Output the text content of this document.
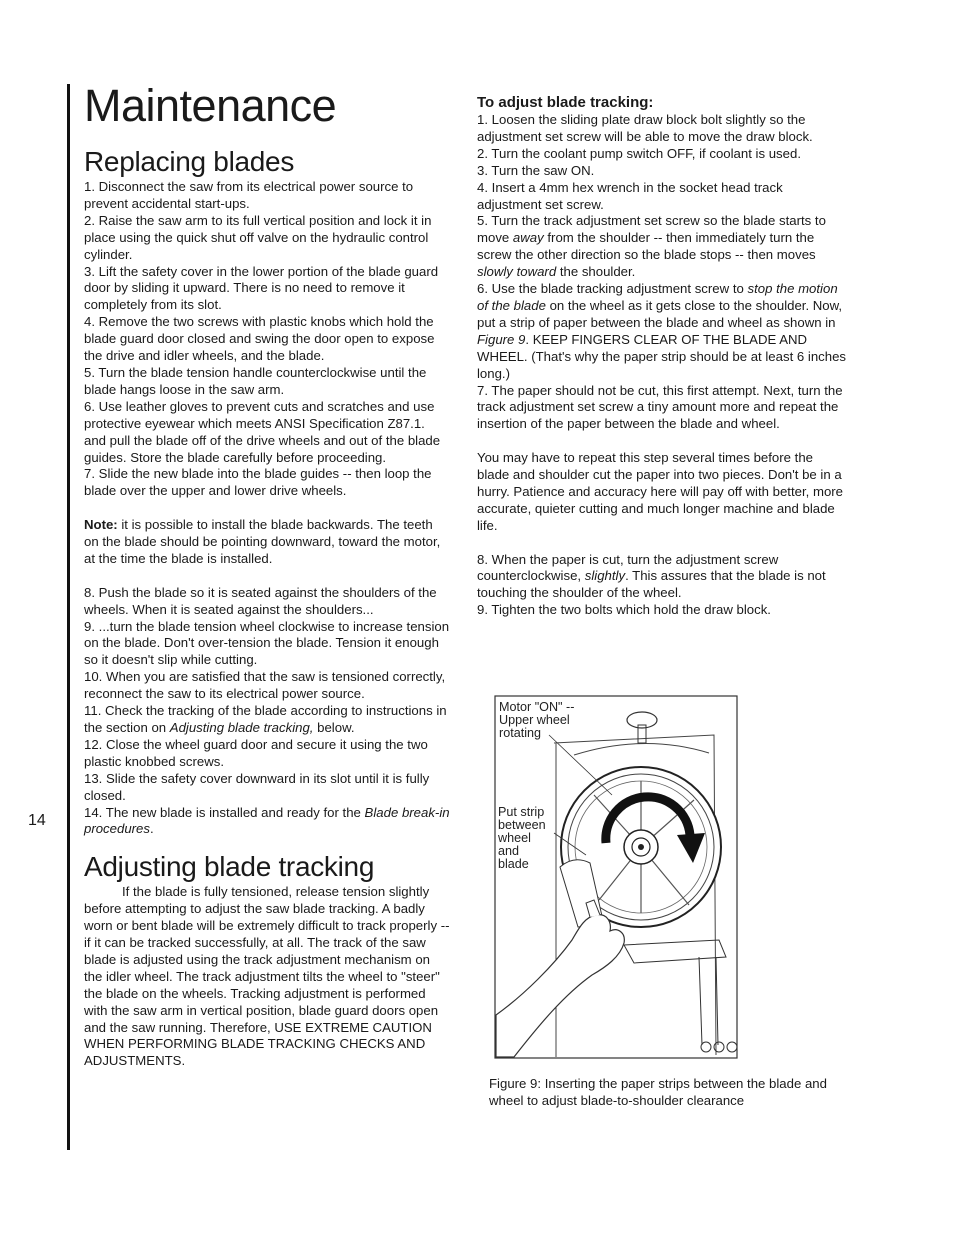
14
Maintenance
Replacing blades

1. Disconnect the saw from its electrical power source to prevent accidental start-ups.

2. Raise the saw arm to its full vertical position and lock it in place using the quick shut off valve on the hydraulic control cylinder.

3. Lift the safety cover in the lower portion of the blade guard door by sliding it upward. There is no need to remove it completely from its slot.

4. Remove the two screws with plastic knobs which hold the blade guard door closed and swing the door open to expose the drive and idler wheels, and the blade.

5. Turn the blade tension handle counterclockwise until the blade hangs loose in the saw arm.

6. Use leather gloves to prevent cuts and scratches and use protective eyewear which meets ANSI Specification Z87.1. and pull the blade off of the drive wheels and out of the blade guides. Store the blade carefully before proceeding.

7. Slide the new blade into the blade guides -- then loop the blade over the upper and lower drive wheels.

Note: it is possible to install the blade backwards. The teeth on the blade should be pointing downward, toward the motor, at the time the blade is installed.

8. Push the blade so it is seated against the shoulders of the wheels. When it is seated against the shoulders...

9. ...turn the blade tension wheel clockwise to increase tension on the blade. Don't over-tension the blade. Tension it enough so it doesn't slip while cutting.

10. When you are satisfied that the saw is tensioned correctly, reconnect the saw to its electrical power source.

11. Check the tracking of the blade according to instructions in the section on Adjusting blade tracking, below.

12. Close the wheel guard door and secure it using the two plastic knobbed screws.

13. Slide the safety cover downward in its slot until it is fully closed.

14. The new blade is installed and ready for the Blade break-in procedures.

Adjusting blade tracking

If the blade is fully tensioned, release tension slightly before attempting to adjust the saw blade tracking. A badly worn or bent blade will be extremely difficult to track properly -- if it can be tracked successfully, at all. The track of the saw blade is adjusted using the track adjustment mechanism on the idler wheel. The track adjustment tilts the wheel to "steer" the blade on the wheels. Tracking adjustment is performed with the saw arm in vertical position, blade guard doors open and the saw running. Therefore, USE EXTREME CAUTION WHEN PERFORMING BLADE TRACKING CHECKS AND ADJUSTMENTS.

To adjust blade tracking:

1. Loosen the sliding plate draw block bolt slightly so the adjustment set screw will be able to move the draw block.

2. Turn the coolant pump switch OFF, if coolant is used.

3. Turn the saw ON.

4. Insert a 4mm hex wrench in the socket head track adjustment set screw.

5. Turn the track adjustment set screw so the blade starts to move away from the shoulder -- then immediately turn the screw the other direction so the blade stops -- then moves slowly toward the shoulder.

6. Use the blade tracking adjustment screw to stop the motion of the blade on the wheel as it gets close to the shoulder. Now, put a strip of paper between the blade and wheel as shown in Figure 9. KEEP FINGERS CLEAR OF THE BLADE AND WHEEL. (That's why the paper strip should be at least 6 inches long.)

7. The paper should not be cut, this first attempt. Next, turn the track adjustment set screw a tiny amount more and repeat the insertion of the paper between the blade and wheel.

You may have to repeat this step several times before the blade and shoulder cut the paper into two pieces. Don't be in a hurry. Patience and accuracy here will pay off with better, more accurate, quieter cutting and much longer machine and blade life.

8. When the paper is cut, turn the adjustment screw counterclockwise, slightly. This assures that the blade is not touching the shoulder of the wheel.

9. Tighten the two bolts which hold the draw block.

Motor "ON" --
Upper wheel
rotating
Put strip
between
wheel
and
blade
Figure 9: Inserting the paper strips between the blade and wheel to adjust blade-to-shoulder clearance
